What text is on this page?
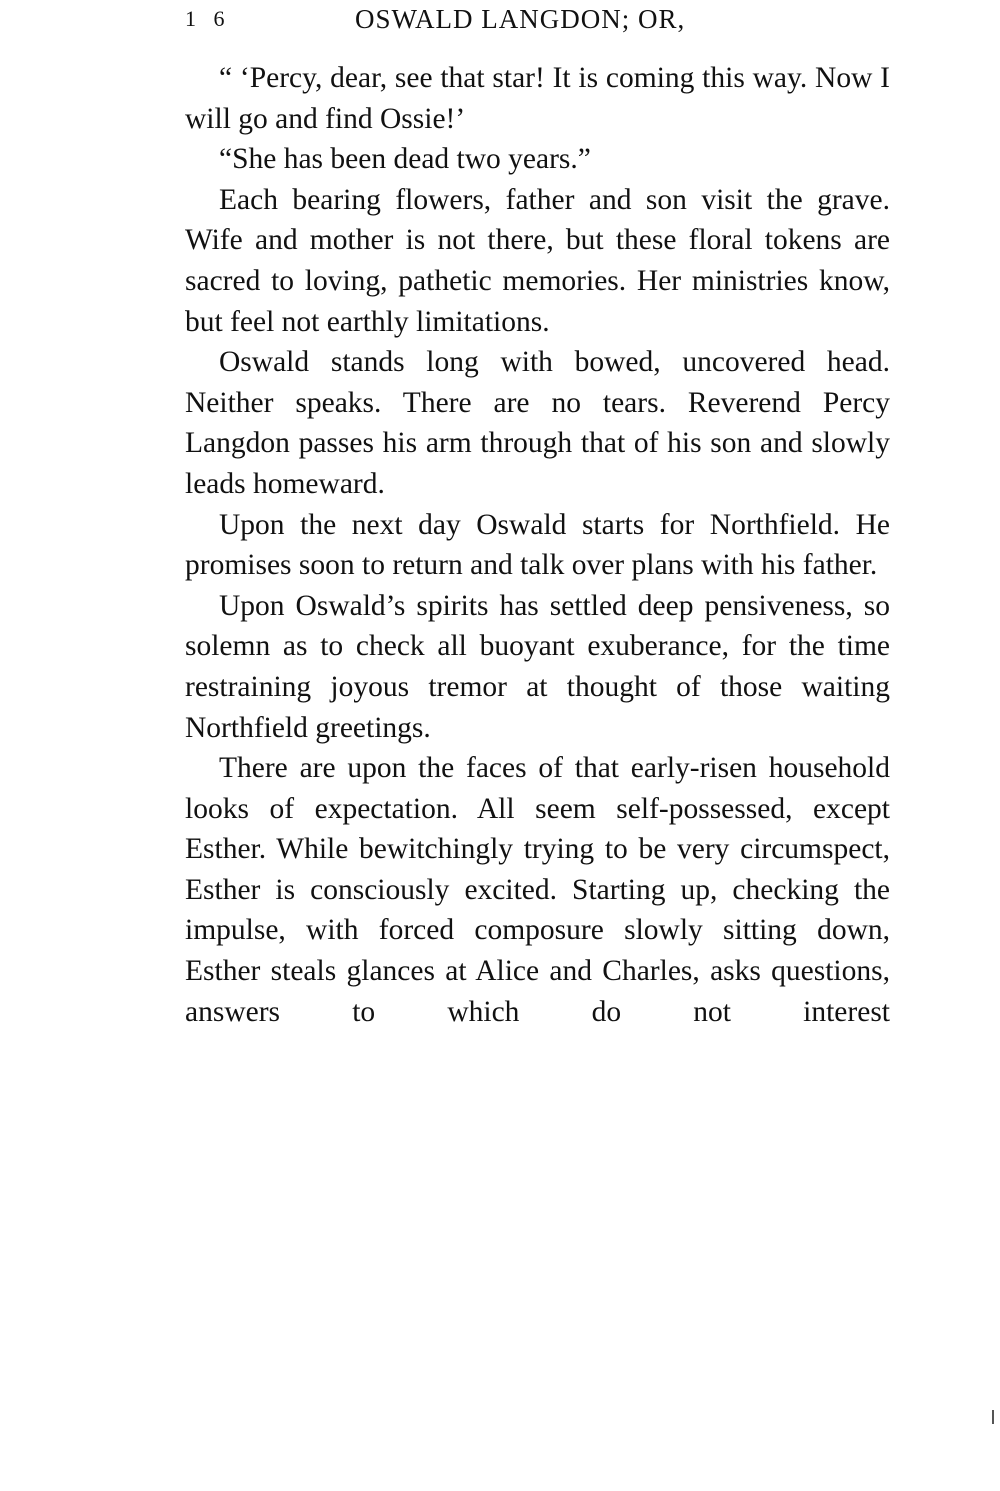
1 6	OSWALD LANGDON; OR,

“ ‘Percy, dear, see that star! It is coming this way. Now I will go and find Ossie!’

“She has been dead two years.”

Each bearing flowers, father and son visit the grave. Wife and mother is not there, but these floral tokens are sacred to loving, pathetic memories. Her ministries know, but feel not earthly limitations.

Oswald stands long with bowed, uncovered head. Neither speaks. There are no tears. Reverend Percy Langdon passes his arm through that of his son and slowly leads homeward.

Upon the next day Oswald starts for Northfield. He promises soon to return and talk over plans with his father.

Upon Oswald’s spirits has settled deep pensiveness, so solemn as to check all buoyant exuberance, for the time restraining joyous tremor at thought of those waiting Northfield greetings.

There are upon the faces of that early-risen household looks of expectation. All seem self-possessed, except Esther. While bewitchingly trying to be very circumspect, Esther is consciously excited. Starting up, checking the impulse, with forced composure slowly sitting down, Esther steals glances at Alice and Charles, asks questions, answers to which do not interest
